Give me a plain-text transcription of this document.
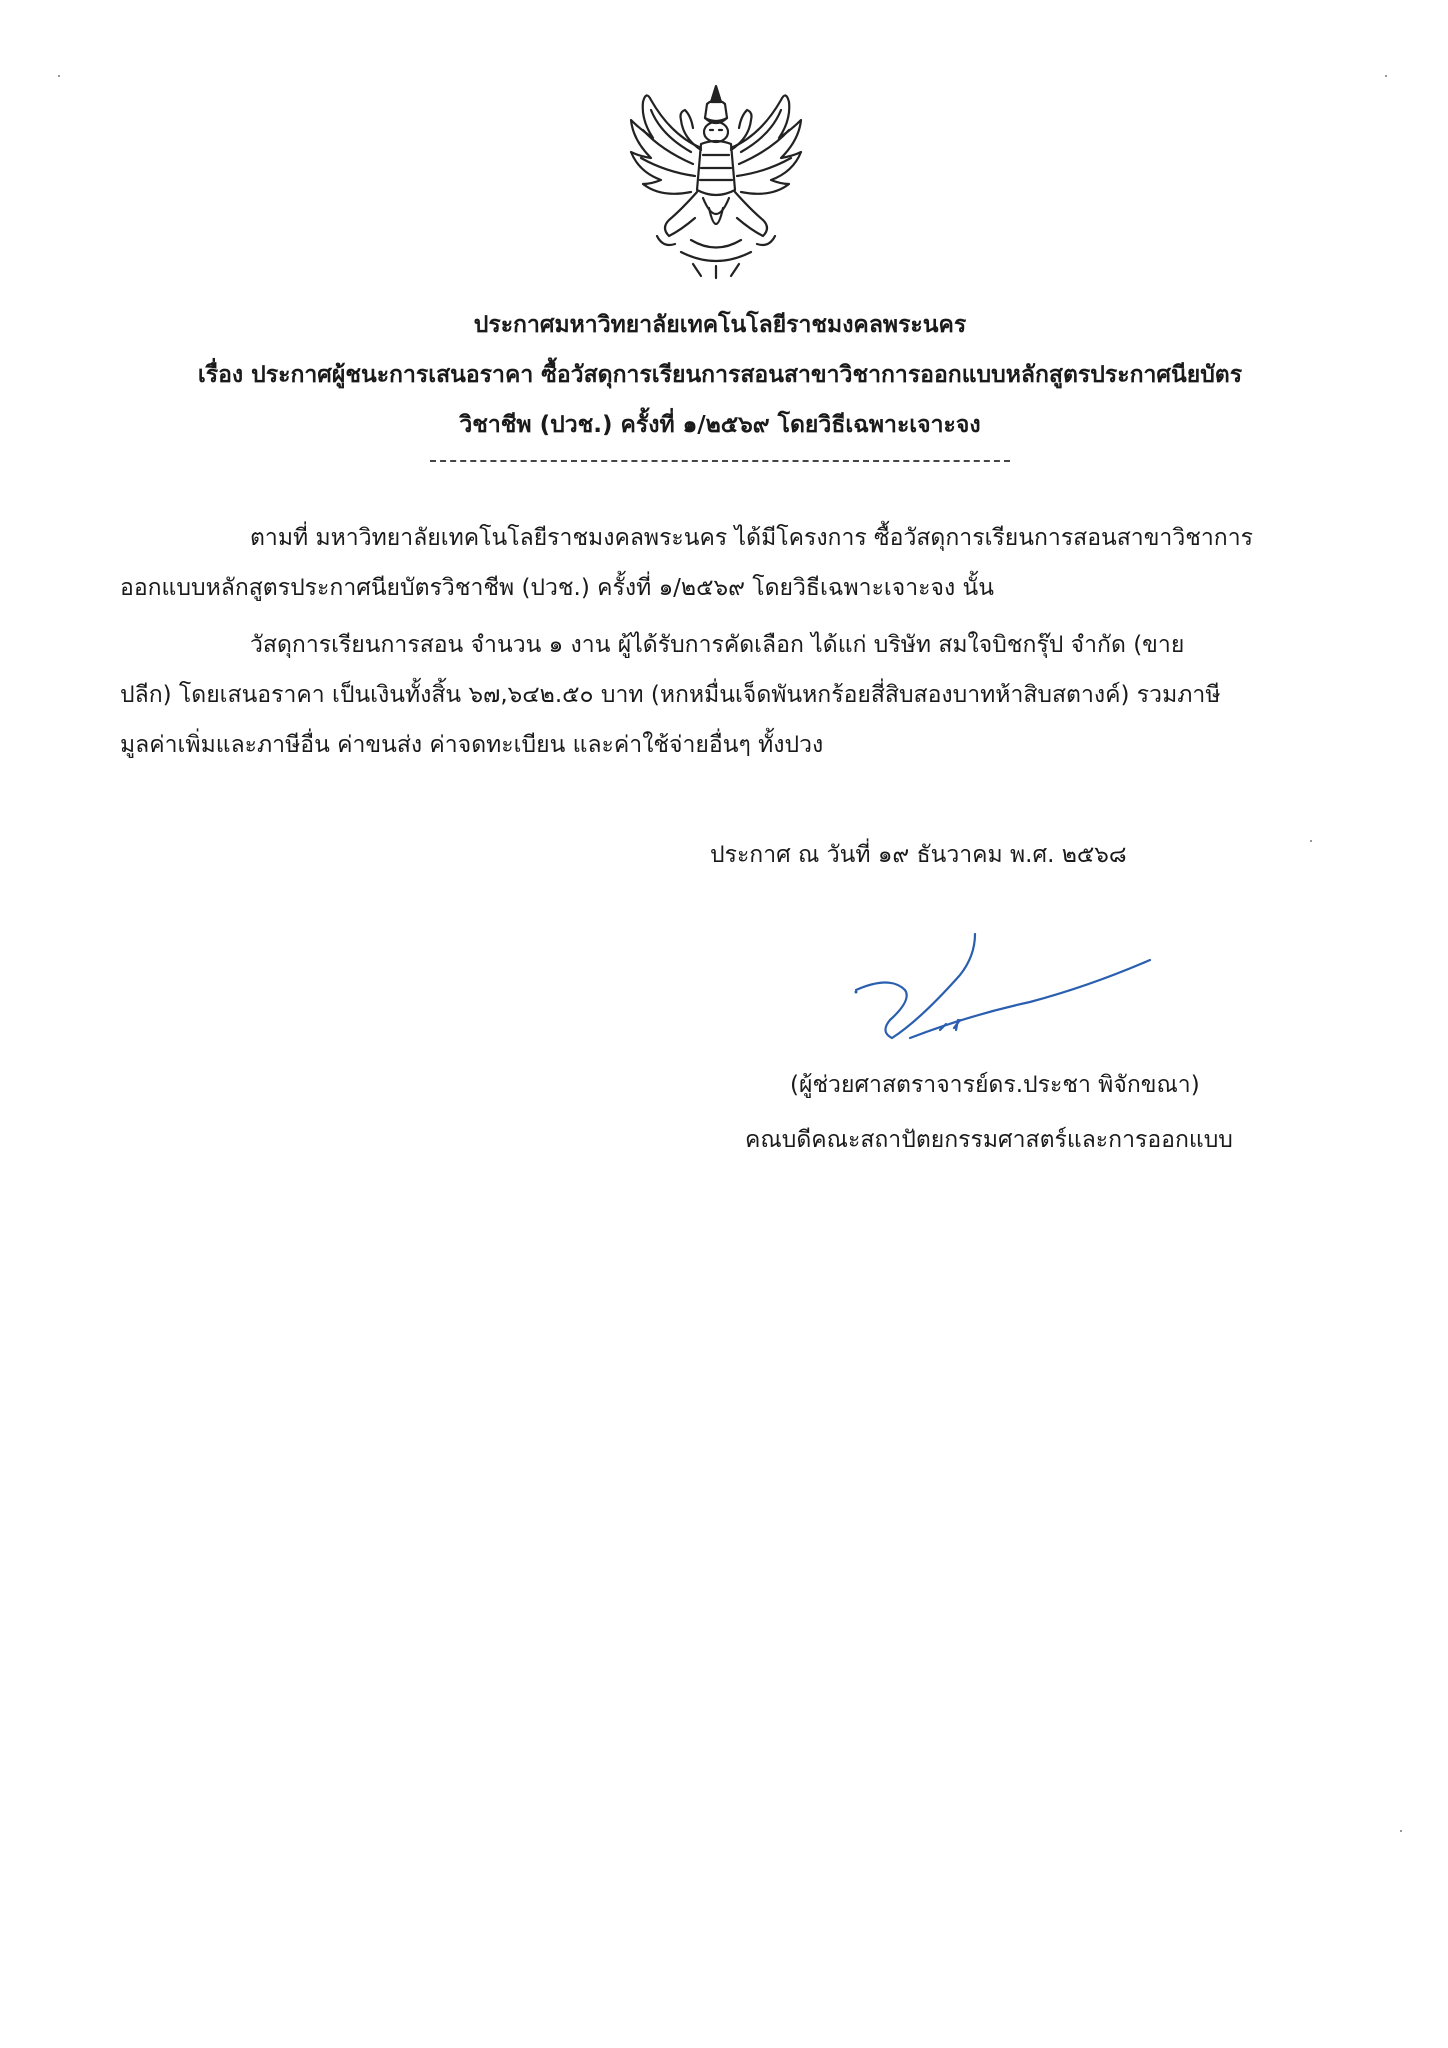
ประกาศมหาวิทยาลัยเทคโนโลยีราชมงคลพระนคร
เรื่อง ประกาศผู้ชนะการเสนอราคา ซื้อวัสดุการเรียนการสอนสาขาวิชาการออกแบบหลักสูตรประกาศนียบัตร
วิชาชีพ (ปวช.) ครั้งที่ ๑/๒๕๖๙ โดยวิธีเฉพาะเจาะจง
ตามที่ มหาวิทยาลัยเทคโนโลยีราชมงคลพระนคร ได้มีโครงการ ซื้อวัสดุการเรียนการสอนสาขาวิชาการ
ออกแบบหลักสูตรประกาศนียบัตรวิชาชีพ (ปวช.) ครั้งที่ ๑/๒๕๖๙ โดยวิธีเฉพาะเจาะจง นั้น
วัสดุการเรียนการสอน จำนวน ๑ งาน ผู้ได้รับการคัดเลือก ได้แก่ บริษัท สมใจบิชกรุ๊ป จำกัด (ขาย
ปลีก) โดยเสนอราคา เป็นเงินทั้งสิ้น ๖๗,๖๔๒.๕๐ บาท (หกหมื่นเจ็ดพันหกร้อยสี่สิบสองบาทห้าสิบสตางค์) รวมภาษี
มูลค่าเพิ่มและภาษีอื่น ค่าขนส่ง ค่าจดทะเบียน และค่าใช้จ่ายอื่นๆ ทั้งปวง
ประกาศ ณ วันที่ ๑๙ ธันวาคม พ.ศ. ๒๕๖๘
(ผู้ช่วยศาสตราจารย์ดร.ประชา พิจักขณา)
คณบดีคณะสถาปัตยกรรมศาสตร์และการออกแบบ
